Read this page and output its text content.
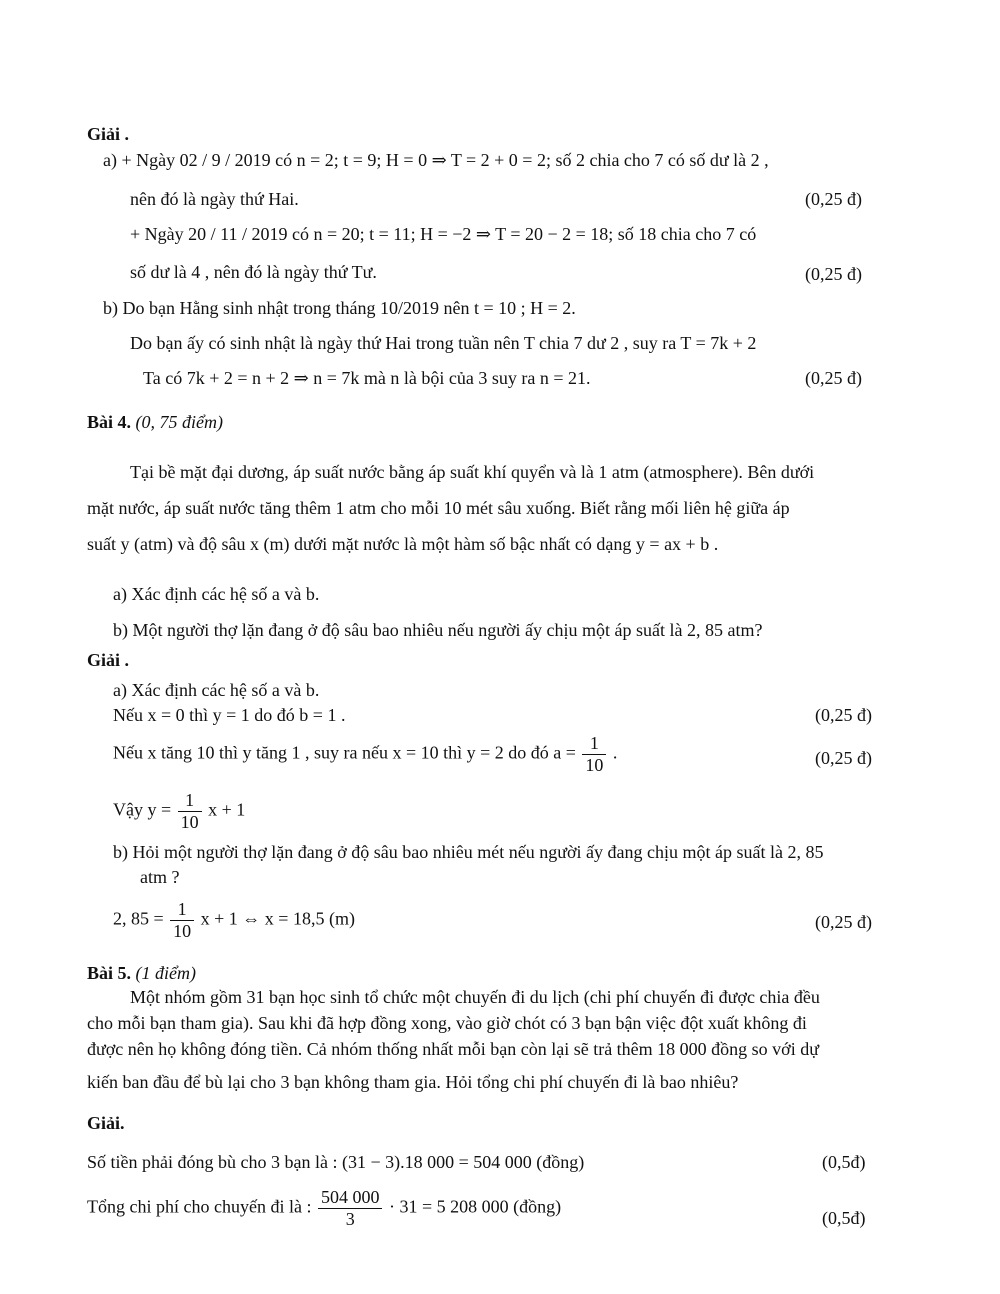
Giải .
a) + Ngày 02 / 9 / 2019 có n = 2; t = 9; H = 0 ⇒ T = 2 + 0 = 2; số 2 chia cho 7 có số dư là 2 ,
nên đó là ngày thứ Hai.	(0,25 đ)
+ Ngày 20 / 11 / 2019 có n = 20; t = 11; H = −2 ⇒ T = 20 − 2 = 18; số 18 chia cho 7 có
số dư là 4 , nên đó là ngày thứ Tư.	(0,25 đ)
b) Do bạn Hằng sinh nhật trong tháng 10/2019 nên t = 10 ; H = 2.
Do bạn ấy có sinh nhật là ngày thứ Hai trong tuần nên T chia 7 dư 2 , suy ra T = 7k + 2
Ta có 7k + 2 = n + 2 ⇒ n = 7k mà n là bội của 3 suy ra n = 21.	(0,25 đ)
Bài 4. (0, 75 điểm)
Tại bề mặt đại dương, áp suất nước bằng áp suất khí quyển và là 1 atm (atmosphere). Bên dưới
mặt nước, áp suất nước tăng thêm 1 atm cho mỗi 10 mét sâu xuống. Biết rằng mối liên hệ giữa áp
suất y (atm) và độ sâu x (m) dưới mặt nước là một hàm số bậc nhất có dạng y = ax + b .
a) Xác định các hệ số a và b.
b) Một người thợ lặn đang ở độ sâu bao nhiêu nếu người ấy chịu một áp suất là 2, 85 atm?
Giải .
a) Xác định các hệ số a và b.
Nếu x = 0 thì y = 1 do đó b = 1 .	(0,25 đ)
Nếu x tăng 10 thì y tăng 1 , suy ra nếu x = 10 thì y = 2 do đó $a = \frac{1}{10}$ .	(0,25 đ)
Vậy $y = \frac{1}{10}$ x + 1
b) Hỏi một người thợ lặn đang ở độ sâu bao nhiêu mét nếu người ấy đang chịu một áp suất là 2, 85
atm ?
2, $85 = \frac{1}{10}$ x + 1 ⇔ x = 18,5 (m)	(0,25 đ)
Bài 5. (1 điểm)
Một nhóm gồm 31 bạn học sinh tổ chức một chuyến đi du lịch (chi phí chuyến đi được chia đều
cho mỗi bạn tham gia). Sau khi đã hợp đồng xong, vào giờ chót có 3 bạn bận việc đột xuất không đi
được nên họ không đóng tiền. Cả nhóm thống nhất mỗi bạn còn lại sẽ trả thêm 18 000 đồng so với dự
kiến ban đầu để bù lại cho 3 bạn không tham gia. Hỏi tổng chi phí chuyến đi là bao nhiêu?
Giải.
Số tiền phải đóng bù cho 3 bạn là : (31 − 3).18 000 = 504 000 (đồng)	(0,5đ)
Tổng chi phí cho chuyến đi là : $\frac{504 000}{3} \cdot 31 = 5$ 208 000 (đồng)
(0,5đ)
